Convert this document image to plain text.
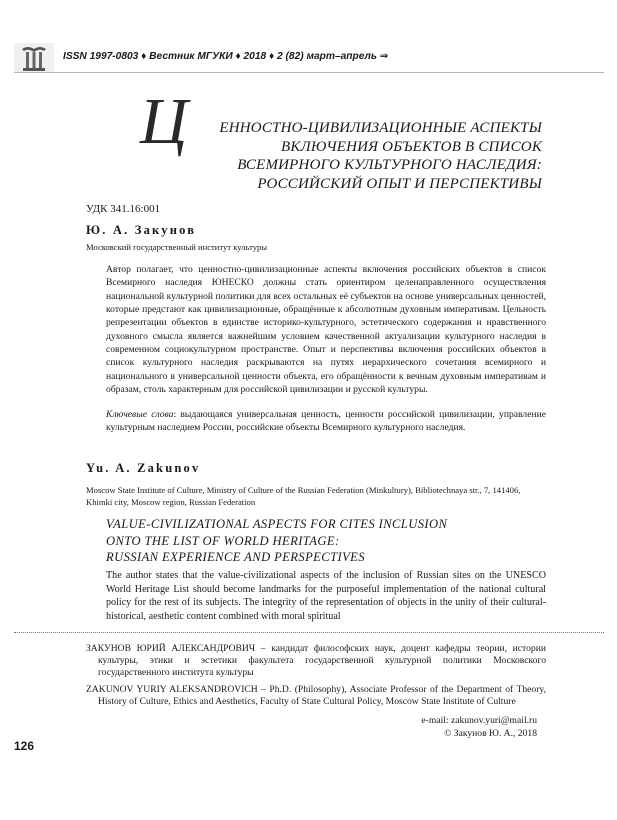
ISSN 1997-0803 ♦ Вестник МГУКИ ♦ 2018 ♦ 2 (82) март–апрель ⇒
Ц	ЕННОСТНО-ЦИВИЛИЗАЦИОННЫЕ АСПЕКТЫ
ВКЛЮЧЕНИЯ ОБЪЕКТОВ В СПИСОК
ВСЕМИРНОГО КУЛЬТУРНОГО НАСЛЕДИЯ:
РОССИЙСКИЙ ОПЫТ И ПЕРСПЕКТИВЫ
УДК 341.16:001
Ю. А. Закунов
Московский государственный институт культуры
Автор полагает, что ценностно-цивилизационные аспекты включения российских объектов в список Всемирного наследия ЮНЕСКО должны стать ориентиром целенаправленного осуществления национальной культурной политики для всех остальных её субъектов на основе универсальных ценностей, которые предстают как цивилизационные, обращённые к абсолютным духовным императивам. Цельность репрезентации объектов в единстве историко-культурного, эстетического содержания и нравственного духовного смысла является важнейшим условием качественной актуализации культурного наследия в современном социокультурном пространстве. Опыт и перспективы включения российских объектов в список культурного наследия раскрываются на путях иерархического сочетания всемирного и национального в универсальной ценности объекта, его обращённости к вечным духовным императивам и образам, столь характерным для российской цивилизации и русской культуры.
Ключевые слова: выдающаяся универсальная ценность, ценности российской цивилизации, управление культурным наследием России, российские объекты Всемирного культурного наследия.
Yu. A. Zakunov
Moscow State Institute of Culture, Ministry of Culture of the Russian Federation (Minkultury), Bibliotechnaya str., 7, 141406, Khimki city, Moscow region, Russian Federation
VALUE-CIVILIZATIONAL ASPECTS FOR CITES INCLUSION
ONTO THE LIST OF WORLD HERITAGE:
RUSSIAN EXPERIENCE AND PERSPECTIVES
The author states that the value-civilizational aspects of the inclusion of Russian sites on the UNESCO World Heritage List should become landmarks for the purposeful implementation of the national cultural policy for the rest of its subjects. The integrity of the representation of objects in the unity of their cultural-historical, aesthetic content combined with moral spiritual
ЗАКУНОВ ЮРИЙ АЛЕКСАНДРОВИЧ – кандидат философских наук, доцент кафедры теории, истории культуры, этики и эстетики факультета государственной культурной политики Московского государственного института культуры
ZAKUNOV YURIY ALEKSANDROVICH – Ph.D. (Philosophy), Associate Professor of the Department of Theory, History of Culture, Ethics and Aesthetics, Faculty of State Cultural Policy, Moscow State Institute of Culture
e-mail: zakunov.yuri@mail.ru
© Закунов Ю. А., 2018
126
